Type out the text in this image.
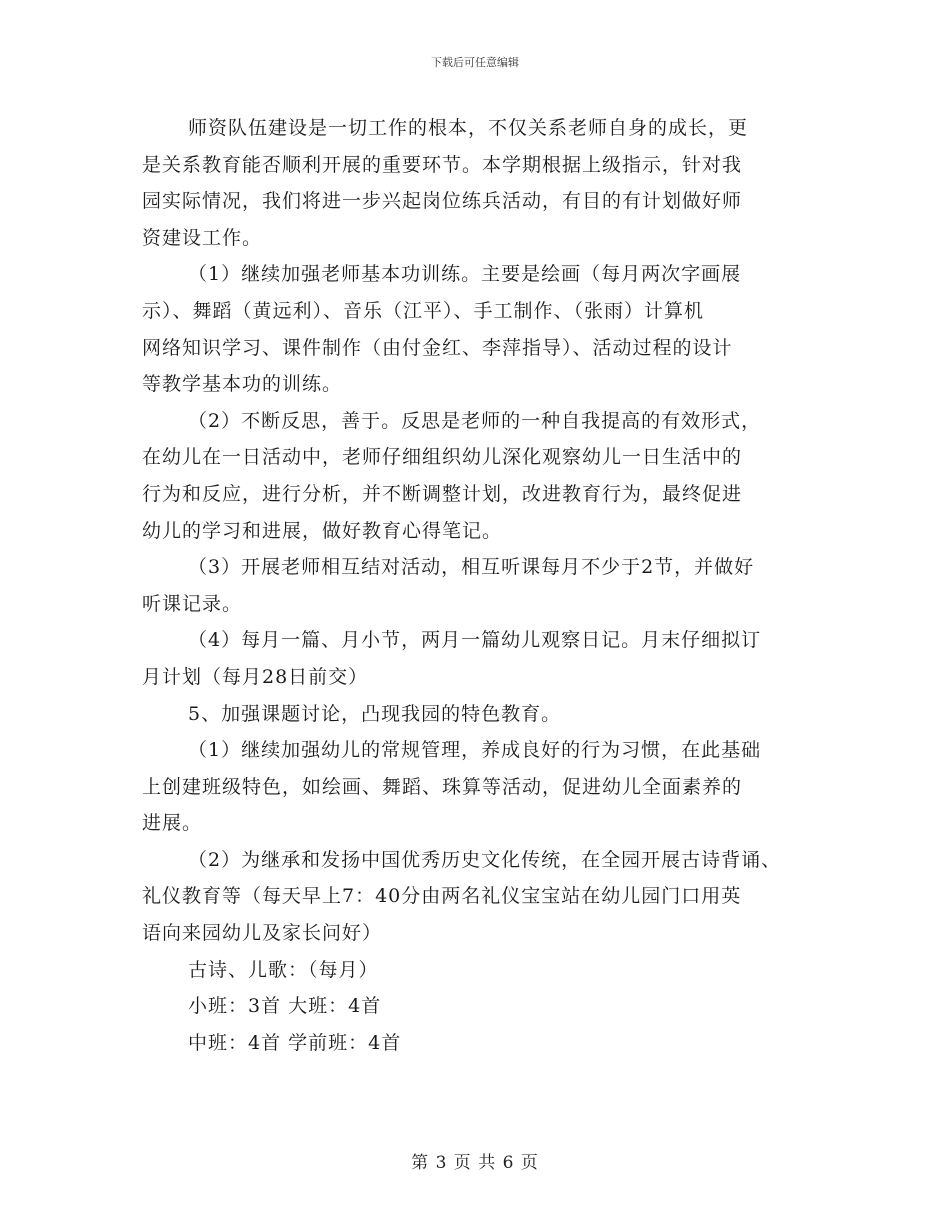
下载后可任意编辑
师资队伍建设是一切工作的根本，不仅关系老师自身的成长，更
是关系教育能否顺利开展的重要环节。本学期根据上级指示，针对我
园实际情况，我们将进一步兴起岗位练兵活动，有目的有计划做好师
资建设工作。
（1）继续加强老师基本功训练。主要是绘画（每月两次字画展
示）、舞蹈（黄远利）、音乐（江平）、手工制作、（张雨）计算机
网络知识学习、课件制作（由付金红、李萍指导）、活动过程的设计
等教学基本功的训练。
（2）不断反思，善于。反思是老师的一种自我提高的有效形式，
在幼儿在一日活动中，老师仔细组织幼儿深化观察幼儿一日生活中的
行为和反应，进行分析，并不断调整计划，改进教育行为，最终促进
幼儿的学习和进展，做好教育心得笔记。
（3）开展老师相互结对活动，相互听课每月不少于2节，并做好
听课记录。
（4）每月一篇、月小节，两月一篇幼儿观察日记。月末仔细拟订
月计划（每月28日前交）
5、加强课题讨论，凸现我园的特色教育。
（1）继续加强幼儿的常规管理，养成良好的行为习惯，在此基础
上创建班级特色，如绘画、舞蹈、珠算等活动，促进幼儿全面素养的
进展。
（2）为继承和发扬中国优秀历史文化传统，在全园开展古诗背诵、
礼仪教育等（每天早上7：40分由两名礼仪宝宝站在幼儿园门口用英
语向来园幼儿及家长问好）
古诗、儿歌：（每月）
小班：3首 大班：4首
中班：4首 学前班：4首
第 3 页 共 6 页
